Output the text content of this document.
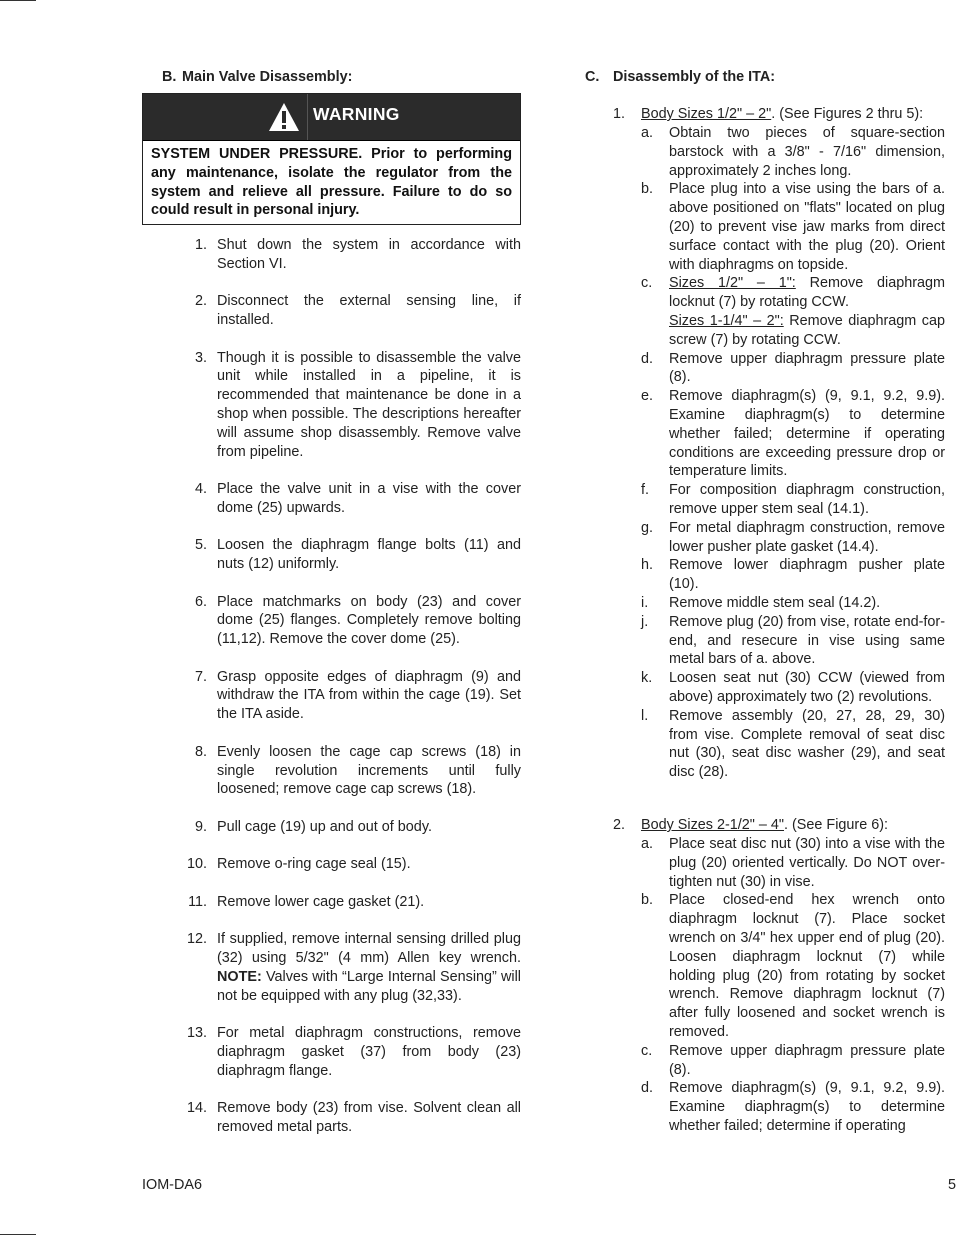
B. Main Valve Disassembly:
WARNING
SYSTEM UNDER PRESSURE. Prior to performing any maintenance, isolate the regulator from the system and relieve all pressure. Failure to do so could result in personal injury.
1. Shut down the system in accordance with Section VI.
2. Disconnect the external sensing line, if installed.
3. Though it is possible to disassemble the valve unit while installed in a pipeline, it is recommended that maintenance be done in a shop when possible. The descriptions hereafter will assume shop disassembly. Remove valve from pipeline.
4. Place the valve unit in a vise with the cover dome (25) upwards.
5. Loosen the diaphragm flange bolts (11) and nuts (12) uniformly.
6. Place matchmarks on body (23) and cover dome (25) flanges. Completely remove bolting (11,12). Remove the cover dome (25).
7. Grasp opposite edges of diaphragm (9) and withdraw the ITA from within the cage (19). Set the ITA aside.
8. Evenly loosen the cage cap screws (18) in single revolution increments until fully loosened; remove cage cap screws (18).
9. Pull cage (19) up and out of body.
10. Remove o-ring cage seal (15).
11. Remove lower cage gasket (21).
12. If supplied, remove internal sensing drilled plug (32) using 5/32" (4 mm) Allen key wrench. NOTE: Valves with “Large Internal Sensing” will not be equipped with any plug (32,33).
13. For metal diaphragm constructions, remove diaphragm gasket (37) from body (23) diaphragm flange.
14. Remove body (23) from vise. Solvent clean all removed metal parts.
C. Disassembly of the ITA:
1. Body Sizes 1/2" – 2". (See Figures 2 thru 5):
a.	Obtain two pieces of square-section barstock with a 3/8" - 7/16" dimension, approximately 2 inches long.
b.	Place plug into a vise using the bars of a. above positioned on "flats" located on plug (20) to prevent vise jaw marks from direct surface contact with the plug (20). Orient with diaphragms on topside.
c.	Sizes 1/2" – 1": Remove diaphragm locknut (7) by rotating CCW.
Sizes 1-1/4" – 2": Remove diaphragm cap screw (7) by rotating CCW.
d.	Remove upper diaphragm pressure plate (8).
e.	Remove diaphragm(s) (9, 9.1, 9.2, 9.9). Examine diaphragm(s) to determine whether failed; determine if operating conditions are exceeding pressure drop or temperature limits.
f.	For composition diaphragm construction, remove upper stem seal (14.1).
g.	For metal diaphragm construction, remove lower pusher plate gasket (14.4).
h.	Remove lower diaphragm pusher plate (10).
i.	Remove middle stem seal (14.2).
j.	Remove plug (20) from vise, rotate end-for-end, and resecure in vise using same metal bars of a. above.
k.	Loosen seat nut (30) CCW (viewed from above) approximately two (2) revolutions.
l.	Remove assembly (20, 27, 28, 29, 30) from vise. Complete removal of seat disc nut (30), seat disc washer (29), and seat disc (28).
2. Body Sizes 2-1/2" – 4". (See Figure 6):
a.	Place seat disc nut (30) into a vise with the plug (20) oriented vertically. Do NOT over-tighten nut (30) in vise.
b.	Place closed-end hex wrench onto diaphragm locknut (7). Place socket wrench on 3/4" hex upper end of plug (20). Loosen diaphragm locknut (7) while holding plug (20) from rotating by socket wrench. Remove diaphragm locknut (7) after fully loosened and socket wrench is removed.
c.	Remove upper diaphragm pressure plate (8).
d.	Remove diaphragm(s) (9, 9.1, 9.2, 9.9). Examine diaphragm(s) to determine whether failed; determine if operating
IOM-DA6	5
